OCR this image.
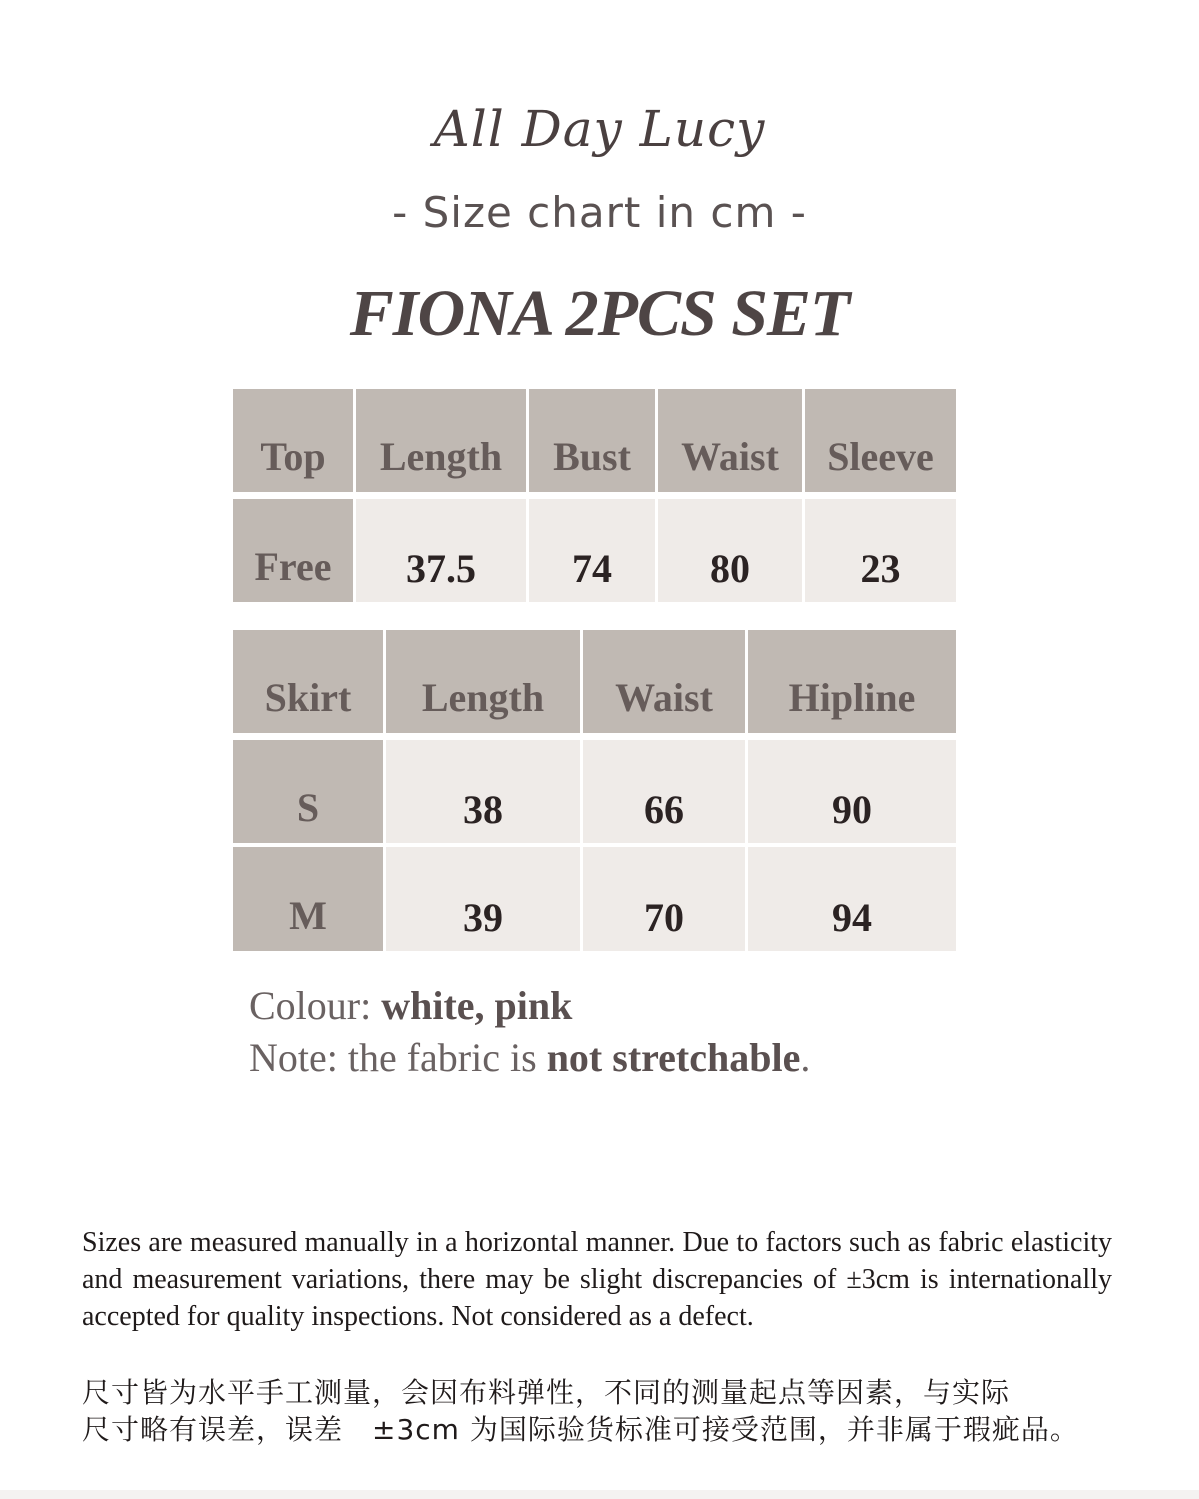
All Day Lucy
- Size chart in cm -
FIONA 2PCS SET
Top	Length	Bust	Waist	Sleeve
Free	37.5	74	80	23
Skirt	Length	Waist	Hipline
S	38	66	90
M	39	70	94
Colour: white, pink
Note: the fabric is not stretchable.
Sizes are measured manually in a horizontal manner. Due to factors such as fabric elasticity and measurement variations, there may be slight discrepancies of ±3cm is internationally accepted for quality inspections. Not considered as a defect.
尺寸皆为水平手工测量，会因布料弹性，不同的测量起点等因素，与实际
尺寸略有误差，误差　±3cm 为国际验货标准可接受范围，并非属于瑕疵品。
